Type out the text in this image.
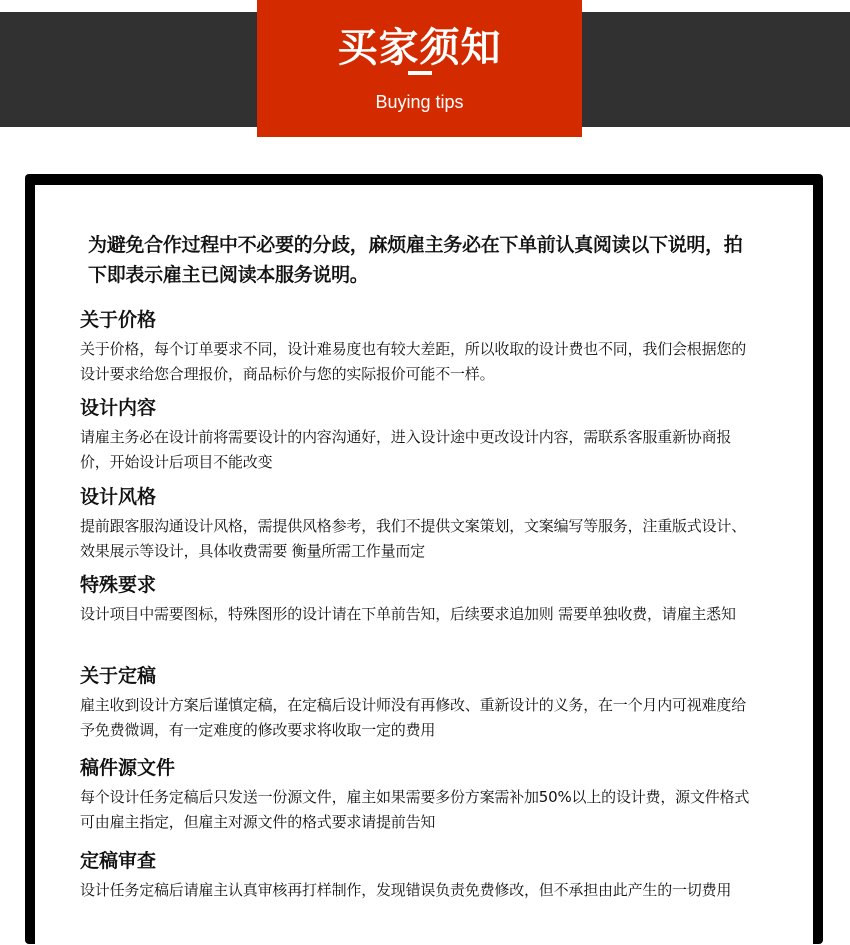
买家须知
Buying tips
为避免合作过程中不必要的分歧，麻烦雇主务必在下单前认真阅读以下说明，拍下即表示雇主已阅读本服务说明。
关于价格

关于价格，每个订单要求不同，设计难易度也有较大差距，所以收取的设计费也不同，我们会根据您的设计要求给您合理报价，商品标价与您的实际报价可能不一样。

设计内容

请雇主务必在设计前将需要设计的内容沟通好，进入设计途中更改设计内容，需联系客服重新协商报价，开始设计后项目不能改变

设计风格

提前跟客服沟通设计风格，需提供风格参考，我们不提供文案策划，文案编写等服务，注重版式设计、效果展示等设计，具体收费需要 衡量所需工作量而定

特殊要求

设计项目中需要图标，特殊图形的设计请在下单前告知，后续要求追加则 需要单独收费，请雇主悉知

关于定稿

雇主收到设计方案后谨慎定稿，在定稿后设计师没有再修改、重新设计的义务，在一个月内可视难度给予免费微调，有一定难度的修改要求将收取一定的费用

稿件源文件

每个设计任务定稿后只发送一份源文件，雇主如果需要多份方案需补加50%以上的设计费，源文件格式可由雇主指定，但雇主对源文件的格式要求请提前告知

定稿审查

设计任务定稿后请雇主认真审核再打样制作，发现错误负责免费修改，但不承担由此产生的一切费用
